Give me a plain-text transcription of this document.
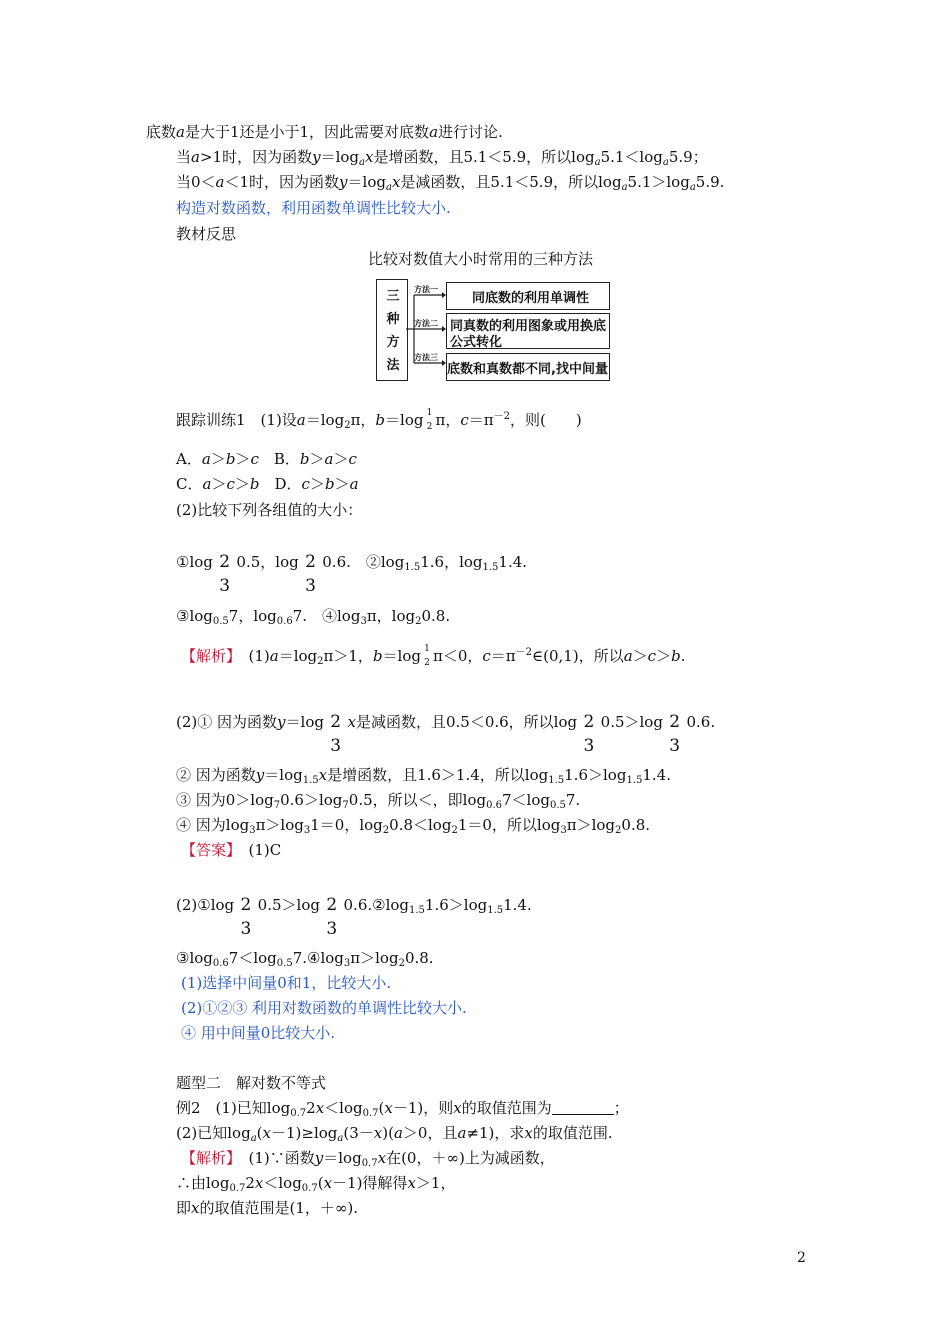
底数a是大于1还是小于1，因此需要对底数a进行讨论.
当a>1时，因为函数$y=\log_ax$是增函数，且5.1＜5.9，所以$\log_a5.1<\log_a5.9$；
当0＜a＜1时，因为函数$y=\log_ax$是减函数，且5.1＜5.9，所以$\log_a5.1>\log_a5.9$.
构造对数函数，利用函数单调性比较大小.
教材反思
比较对数值大小时常用的三种方法
三
种
方
法
方法一
方法二
方法三
同底数的利用单调性
同真数的利用图象或用换底
公式转化
底数和真数都不同,找中间量
跟踪训练1　(1)设$a=\log_2\pi$，b＝log 1
2 π，$c=\pi^{-2}$，则(　　)
A．a＞b＞c　B．b＞a＞c
C．a＞c＞b　D．c＞b＞a
(2)比较下列各组值的大小：
①log 2
3
0.5，log 2
3
0.6.　$②\log_{1.5}1.6$，$\log_{1.5}1.4$.
$③\log_{0.5}7$，$\log_{0.6}7$.　$④\log_3\pi$，$\log_20.8$.
【解析】　$(1)a=\log_2\pi>1$，b＝log 1
2 π＜0，$c=\pi^{-2}\in(0,1)$，所以a＞c＞b.
(2)① 因为函数y＝log 2
3
x是减函数，且0.5＜0.6，所以log 2
3
0.5＞log 2
3
0.6.
② 因为函数$y=\log_{1.5}x$是增函数，且1.6＞1.4，所以$\log_{1.5}1.6>\log_{1.5}1.4$.
③ 因为$0>\log_70.6>\log_70.5$，所以＜，即$\log_{0.6}7<\log_{0.5}7$.
④ 因为$\log_3\pi>\log_31=0$，$\log_20.8<\log_21=0$，所以$\log_3\pi>\log_20.8$.
【答案】　 (1)C
(2)①log 2
3
0.5＞log 2
3
$0.6.②\log_{1.5}1.6>\log_{1.5}1.4$.
$③\log_{0.6}7<\log_{0.5}7.④\log_3\pi>\log_20.8$.
(1)选择中间量0和1，比较大小.
(2)①②③ 利用对数函数的单调性比较大小.
④ 用中间量0比较大小.
题型二　解对数不等式
例2　(1)已知$\log_{0.7}2x<\log_{0.7}(x-1)$，则x的取值范围为	；
(2)已知$\log_a(x-1)\ge\log_a(3-x)(a>0$，且a≠1)，求x的取值范围.
【解析】　(1)∵函数$y=\log_{0.7}x$在(0，＋∞)上为减函数，
∴由$\log_{0.7}2x<\log_{0.7}(x-1)$得解得x＞1，
即x的取值范围是(1，＋∞).
2
